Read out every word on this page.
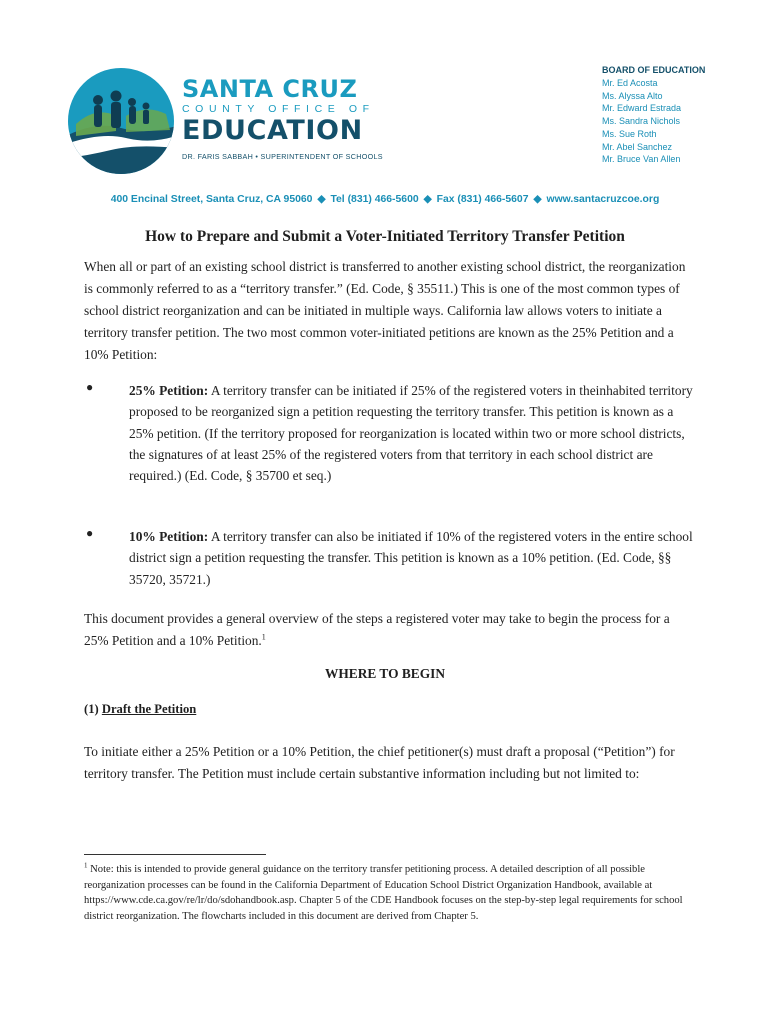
SANTA CRUZ
COUNTY OFFICE OF
EDUCATION
DR. FARIS SABBAH • SUPERINTENDENT OF SCHOOLS
BOARD OF EDUCATION
Mr. Ed Acosta
Ms. Alyssa Alto
Mr. Edward Estrada
Ms. Sandra Nichols
Ms. Sue Roth
Mr. Abel Sanchez
Mr. Bruce Van Allen
400 Encinal Street, Santa Cruz, CA 95060 ◆ Tel (831) 466-5600 ◆ Fax (831) 466-5607 ◆ www.santacruzcoe.org
How to Prepare and Submit a Voter-Initiated Territory Transfer Petition
When all or part of an existing school district is transferred to another existing school district, the reorganization is commonly referred to as a “territory transfer.” (Ed. Code, § 35511.) This is one of the most common types of school district reorganization and can be initiated in multiple ways. California law allows voters to initiate a territory transfer petition. The two most common voter-initiated petitions are known as the 25% Petition and a 10% Petition:
●	25% Petition: A territory transfer can be initiated if 25% of the registered voters in theinhabited territory proposed to be reorganized sign a petition requesting the territory transfer. This petition is known as a 25% petition. (If the territory proposed for reorganization is located within two or more school districts, the signatures of at least 25% of the registered voters from that territory in each school district are required.) (Ed. Code, § 35700 et seq.)
●	10% Petition: A territory transfer can also be initiated if 10% of the registered voters in the entire school district sign a petition requesting the transfer. This petition is known as a 10% petition. (Ed. Code, §§ 35720, 35721.)
This document provides a general overview of the steps a registered voter may take to begin the process for a 25% Petition and a 10% Petition.$^1$
WHERE TO BEGIN
(1) Draft the Petition
To initiate either a 25% Petition or a 10% Petition, the chief petitioner(s) must draft a proposal (“Petition”) for territory transfer. The Petition must include certain substantive information including but not limited to:
$^1$ Note: this is intended to provide general guidance on the territory transfer petitioning process. A detailed description of all possible reorganization processes can be found in the California Department of Education School District Organization Handbook, available at https://www.cde.ca.gov/re/lr/do/sdohandbook.asp. Chapter 5 of the CDE Handbook focuses on the step-by-step legal requirements for school district reorganization. The flowcharts included in this document are derived from Chapter 5.
